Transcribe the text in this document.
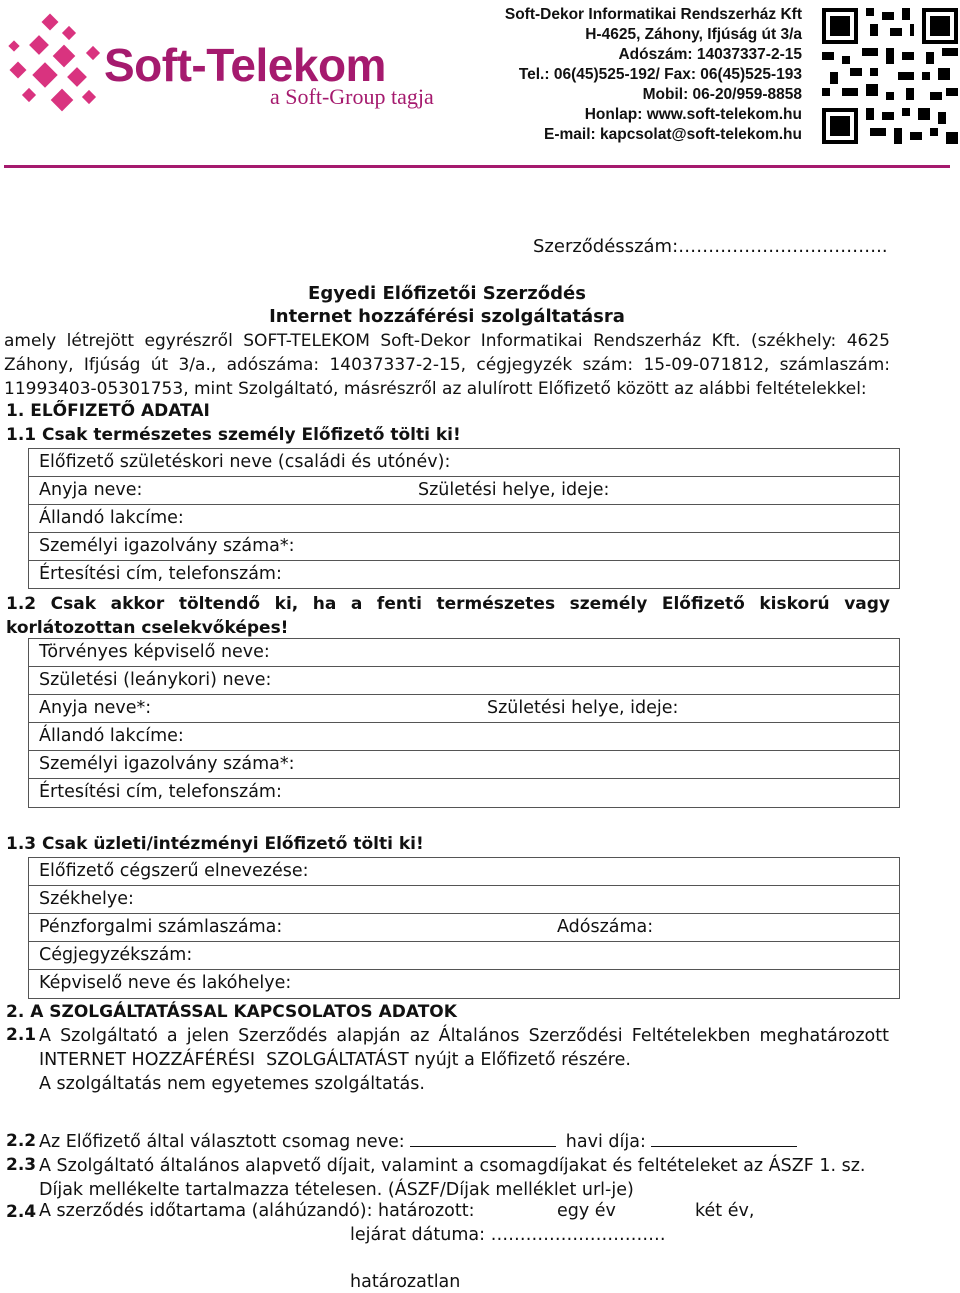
Soft-Telekom
a Soft-Group tagja
Soft-Dekor Informatikai Rendszerház Kft
H-4625, Záhony, Ifjúság út 3/a
Adószám: 14037337-2-15
Tel.: 06(45)525-192/ Fax: 06(45)525-193
Mobil: 06-20/959-8858
Honlap: www.soft-telekom.hu
E-mail: kapcsolat@soft-telekom.hu
Szerződésszám:……………………………..
Egyedi Előfizetői Szerződés
Internet hozzáférési szolgáltatásra
amely létrejött egyrészről SOFT-TELEKOM Soft-Dekor Informatikai Rendszerház Kft. (székhely: 4625
Záhony, Ifjúság út 3/a., adószáma: 14037337-2-15, cégjegyzék szám: 15-09-071812, számlaszám:
11993403-05301753, mint Szolgáltató, másrészről az alulírott Előfizető között az alábbi feltételekkel:
1. ELŐFIZETŐ ADATAI
1.1 Csak természetes személy Előfizető tölti ki!
Előfizető születéskori neve (családi és utónév):
Anyja neve:	Születési helye, ideje:
Állandó lakcíme:
Személyi igazolvány száma*:
Értesítési cím, telefonszám:
1.2 Csak akkor töltendő ki, ha a fenti természetes személy Előfizető kiskorú vagy
korlátozottan cselekvőképes!
Törvényes képviselő neve:
Születési (leánykori) neve:
Anyja neve*:	Születési helye, ideje:
Állandó lakcíme:
Személyi igazolvány száma*:
Értesítési cím, telefonszám:
1.3 Csak üzleti/intézményi Előfizető tölti ki!
Előfizető cégszerű elnevezése:
Székhelye:
Pénzforgalmi számlaszáma:	Adószáma:
Cégjegyzékszám:
Képviselő neve és lakóhelye:
2. A SZOLGÁLTATÁSSAL KAPCSOLATOS ADATOK
2.1 A Szolgáltató a jelen Szerződés alapján az Általános Szerződési Feltételekben meghatározott
INTERNET HOZZÁFÉRÉSI  SZOLGÁLTATÁST nyújt a Előfizető részére.
A szolgáltatás nem egyetemes szolgáltatás.
2.2 Az Előfizető által választott csomag neve:	havi díja:
2.3 A Szolgáltató általános alapvető díjait, valamint a csomagdíjakat és feltételeket az ÁSZF 1. sz.
Díjak mellékelte tartalmazza tételesen. (ÁSZF/Díjak melléklet url-je)
2.4 A szerződés időtartama (aláhúzandó): határozott:	egy év	két év,
lejárat dátuma: …………………………
határozatlan
